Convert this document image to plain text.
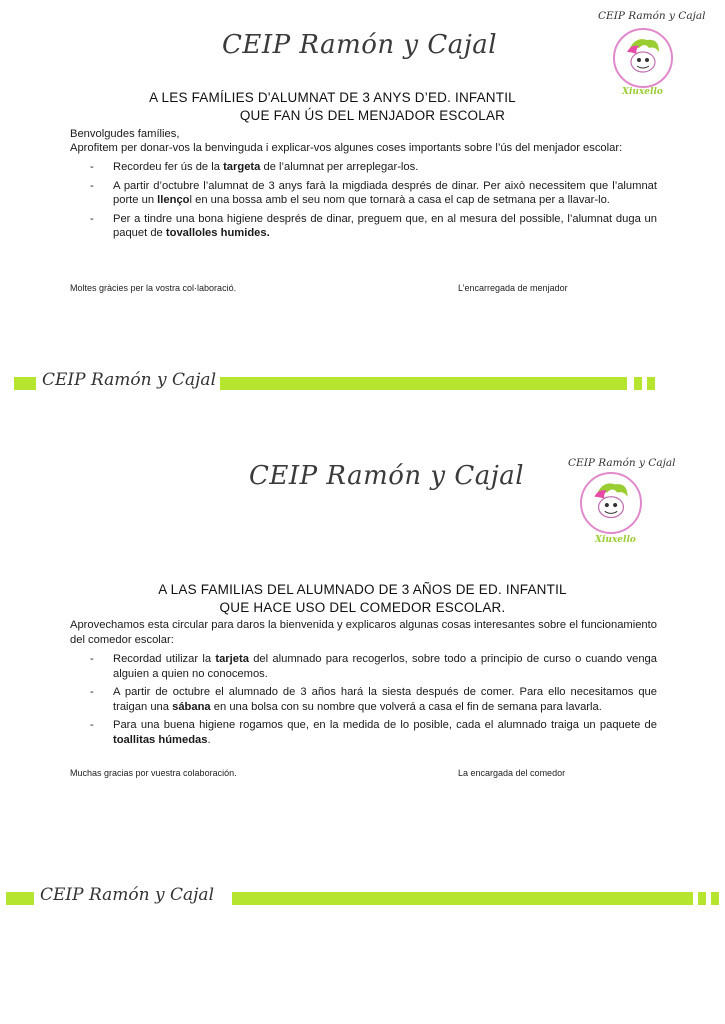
CEIP Ramón y Cajal
CEIP Ramón y Cajal
Xiuxello
A LES FAMÍLIES D'ALUMNAT DE 3 ANYS D’ED. INFANTIL
QUE FAN ÚS DEL MENJADOR ESCOLAR
Benvolgudes famílies,
Aprofitem per donar-vos la benvinguda i explicar-vos algunes coses importants sobre l’ús del menjador escolar:
- Recordeu fer ús de la targeta de l’alumnat per arreplegar-los.
- A partir d’octubre l’alumnat de 3 anys farà la migdiada després de dinar. Per això necessitem que l’alumnat porte un llençol en una bossa amb el seu nom que tornarà a casa el cap de setmana per a llavar-lo.
- Per a tindre una bona higiene després de dinar, preguem que, en al mesura del possible, l’alumnat duga un paquet de tovalloles humides.
Moltes gràcies per la vostra col·laboració.	L’encarregada de menjador
CEIP Ramón y Cajal
CEIP Ramón y Cajal	CEIP Ramón y Cajal
Xiuxello
A LAS FAMILIAS DEL ALUMNADO DE 3 AÑOS DE ED. INFANTIL
QUE HACE USO DEL COMEDOR ESCOLAR.
Aprovechamos esta circular para daros la bienvenida y explicaros algunas cosas interesantes sobre el funcionamiento del comedor escolar:
- Recordad utilizar la tarjeta del alumnado para recogerlos, sobre todo a principio de curso o cuando venga alguien a quien no conocemos.
- A partir de octubre el alumnado de 3 años hará la siesta después de comer. Para ello necesitamos que traigan una sábana en una bolsa con su nombre que volverá a casa el fin de semana para lavarla.
- Para una buena higiene rogamos que, en la medida de lo posible, cada el alumnado traiga un paquete de toallitas húmedas.
Muchas gracias por vuestra colaboración.	La encargada del comedor
CEIP Ramón y Cajal
